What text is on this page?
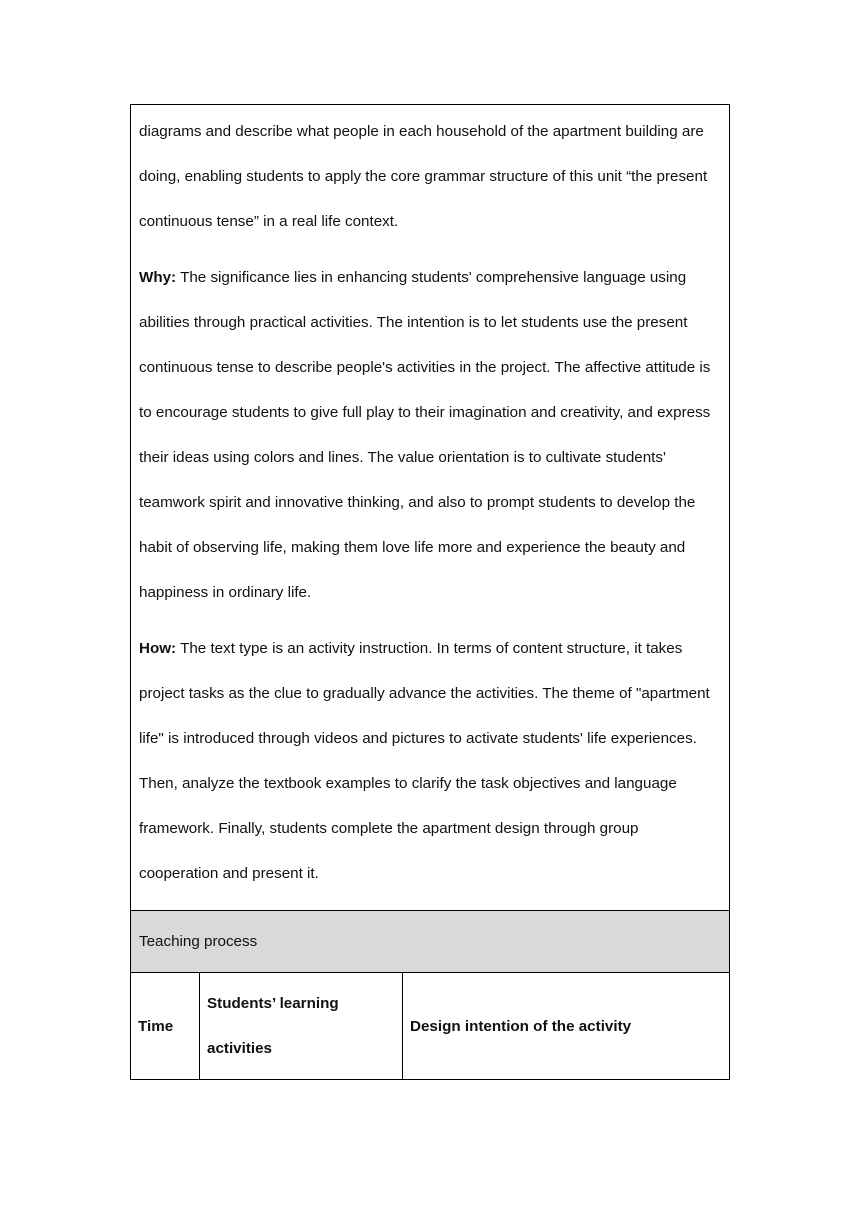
diagrams and describe what people in each household of the apartment building are doing, enabling students to apply the core grammar structure of this unit “the present continuous tense” in a real life context.

Why: The significance lies in enhancing students' comprehensive language using abilities through practical activities. The intention is to let students use the present continuous tense to describe people's activities in the project. The affective attitude is to encourage students to give full play to their imagination and creativity, and express their ideas using colors and lines. The value orientation is to cultivate students' teamwork spirit and innovative thinking, and also to prompt students to develop the habit of observing life, making them love life more and experience the beauty and happiness in ordinary life.

How: The text type is an activity instruction. In terms of content structure, it takes project tasks as the clue to gradually advance the activities. The theme of "apartment life" is introduced through videos and pictures to activate students' life experiences. Then, analyze the textbook examples to clarify the task objectives and language framework. Finally, students complete the apartment design through group cooperation and present it.

Teaching process
Time
Students’ learning
activities
Design intention of the activity
